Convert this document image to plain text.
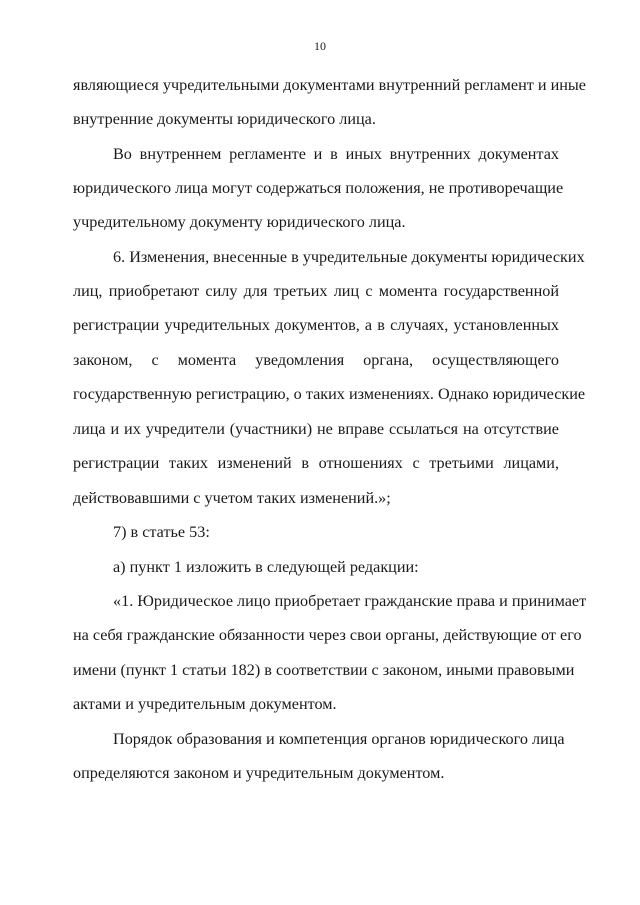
10
являющиеся учредительными документами внутренний регламент и иные
внутренние документы юридического лица.
Во внутреннем регламенте и в иных внутренних документах
юридического лица могут содержаться положения, не противоречащие
учредительному документу юридического лица.
6. Изменения, внесенные в учредительные документы юридических
лиц, приобретают силу для третьих лиц с момента государственной
регистрации учредительных документов, а в случаях, установленных
законом, с момента уведомления органа, осуществляющего
государственную регистрацию, о таких изменениях. Однако юридические
лица и их учредители (участники) не вправе ссылаться на отсутствие
регистрации таких изменений в отношениях с третьими лицами,
действовавшими с учетом таких изменений.»;
7) в статье 53:
а) пункт 1 изложить в следующей редакции:
«1. Юридическое лицо приобретает гражданские права и принимает
на себя гражданские обязанности через свои органы, действующие от его
имени (пункт 1 статьи 182) в соответствии с законом, иными правовыми
актами и учредительным документом.
Порядок образования и компетенция органов юридического лица
определяются законом и учредительным документом.
